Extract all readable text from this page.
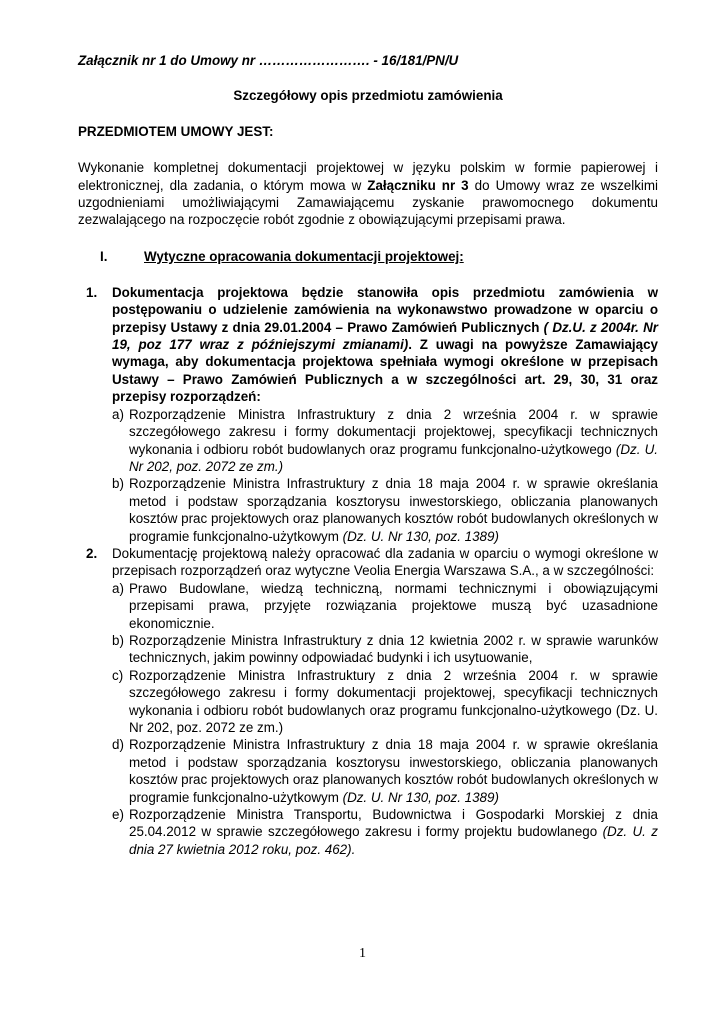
Załącznik nr 1 do Umowy nr ……………………. - 16/181/PN/U

Szczegółowy opis przedmiotu zamówienia

PRZEDMIOTEM UMOWY JEST:

Wykonanie kompletnej dokumentacji projektowej w języku polskim w formie papierowej i elektronicznej, dla zadania, o którym mowa w Załączniku nr 3 do Umowy wraz ze wszelkimi uzgodnieniami umożliwiającymi Zamawiającemu zyskanie prawomocnego dokumentu zezwalającego na rozpoczęcie robót zgodnie z obowiązującymi przepisami prawa.

I.	Wytyczne opracowania dokumentacji projektowej:
1. Dokumentacja projektowa będzie stanowiła opis przedmiotu zamówienia w postępowaniu o udzielenie zamówienia na wykonawstwo prowadzone w oparciu o przepisy Ustawy z dnia 29.01.2004 – Prawo Zamówień Publicznych ( Dz.U. z 2004r. Nr 19, poz 177 wraz z późniejszymi zmianami). Z uwagi na powyższe Zamawiający wymaga, aby dokumentacja projektowa spełniała wymogi określone w przepisach Ustawy – Prawo Zamówień Publicznych a w szczególności art. 29, 30, 31 oraz przepisy rozporządzeń:
a) Rozporządzenie Ministra Infrastruktury z dnia 2 września 2004 r. w sprawie szczegółowego zakresu i formy dokumentacji projektowej, specyfikacji technicznych wykonania i odbioru robót budowlanych oraz programu funkcjonalno-użytkowego (Dz. U. Nr 202, poz. 2072 ze zm.)
b) Rozporządzenie Ministra Infrastruktury z dnia 18 maja 2004 r. w sprawie określania metod i podstaw sporządzania kosztorysu inwestorskiego, obliczania planowanych kosztów prac projektowych oraz planowanych kosztów robót budowlanych określonych w programie funkcjonalno-użytkowym (Dz. U. Nr 130, poz. 1389)
2. Dokumentację projektową należy opracować dla zadania w oparciu o wymogi określone w przepisach rozporządzeń oraz wytyczne Veolia Energia Warszawa S.A., a w szczególności:
a) Prawo Budowlane, wiedzą techniczną, normami technicznymi i obowiązującymi przepisami prawa, przyjęte rozwiązania projektowe muszą być uzasadnione ekonomicznie.
b) Rozporządzenie Ministra Infrastruktury z dnia 12 kwietnia 2002 r. w sprawie warunków technicznych, jakim powinny odpowiadać budynki i ich usytuowanie,
c) Rozporządzenie Ministra Infrastruktury z dnia 2 września 2004 r. w sprawie szczegółowego zakresu i formy dokumentacji projektowej, specyfikacji technicznych wykonania i odbioru robót budowlanych oraz programu funkcjonalno-użytkowego (Dz. U. Nr 202, poz. 2072 ze zm.)
d) Rozporządzenie Ministra Infrastruktury z dnia 18 maja 2004 r. w sprawie określania metod i podstaw sporządzania kosztorysu inwestorskiego, obliczania planowanych kosztów prac projektowych oraz planowanych kosztów robót budowlanych określonych w programie funkcjonalno-użytkowym (Dz. U. Nr 130, poz. 1389)
e) Rozporządzenie Ministra Transportu, Budownictwa i Gospodarki Morskiej z dnia 25.04.2012 w sprawie szczegółowego zakresu i formy projektu budowlanego (Dz. U. z dnia 27 kwietnia 2012 roku, poz. 462).
1
